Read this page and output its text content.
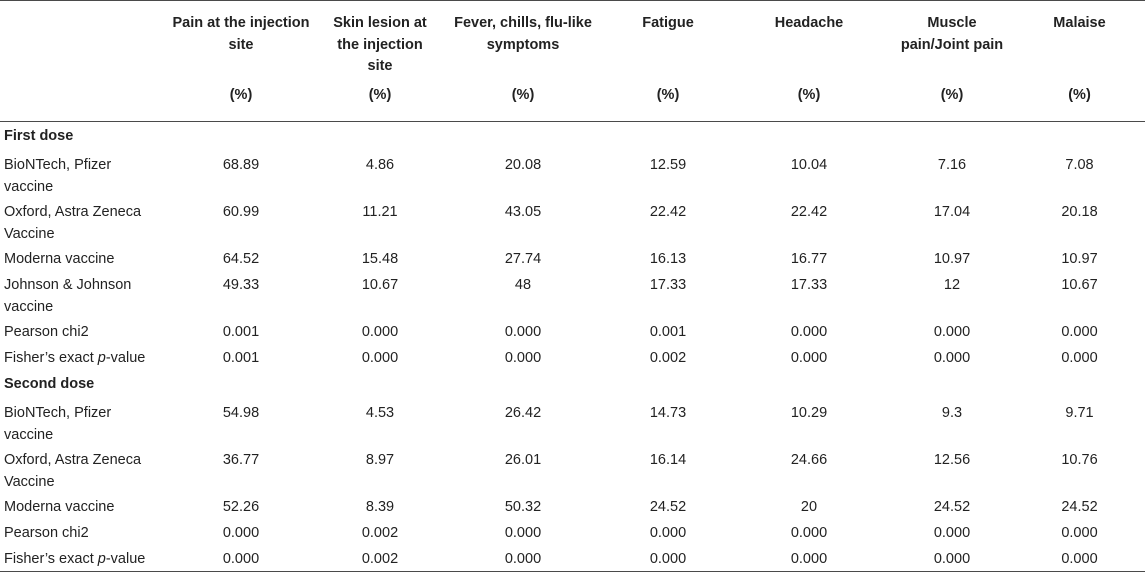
	Pain at the injection site	Skin lesion at the injection site	Fever, chills, flu-like symptoms	Fatigue	Headache	Muscle pain/Joint pain	Malaise
	(%)	(%)	(%)	(%)	(%)	(%)	(%)
First dose							
BioNTech, Pfizer vaccine	68.89	4.86	20.08	12.59	10.04	7.16	7.08
Oxford, Astra Zeneca Vaccine	60.99	11.21	43.05	22.42	22.42	17.04	20.18
Moderna vaccine	64.52	15.48	27.74	16.13	16.77	10.97	10.97
Johnson & Johnson vaccine	49.33	10.67	48	17.33	17.33	12	10.67
Pearson chi2	0.001	0.000	0.000	0.001	0.000	0.000	0.000
Fisher’s exact p-value	0.001	0.000	0.000	0.002	0.000	0.000	0.000
Second dose							
BioNTech, Pfizer vaccine	54.98	4.53	26.42	14.73	10.29	9.3	9.71
Oxford, Astra Zeneca Vaccine	36.77	8.97	26.01	16.14	24.66	12.56	10.76
Moderna vaccine	52.26	8.39	50.32	24.52	20	24.52	24.52
Pearson chi2	0.000	0.002	0.000	0.000	0.000	0.000	0.000
Fisher’s exact p-value	0.000	0.002	0.000	0.000	0.000	0.000	0.000
